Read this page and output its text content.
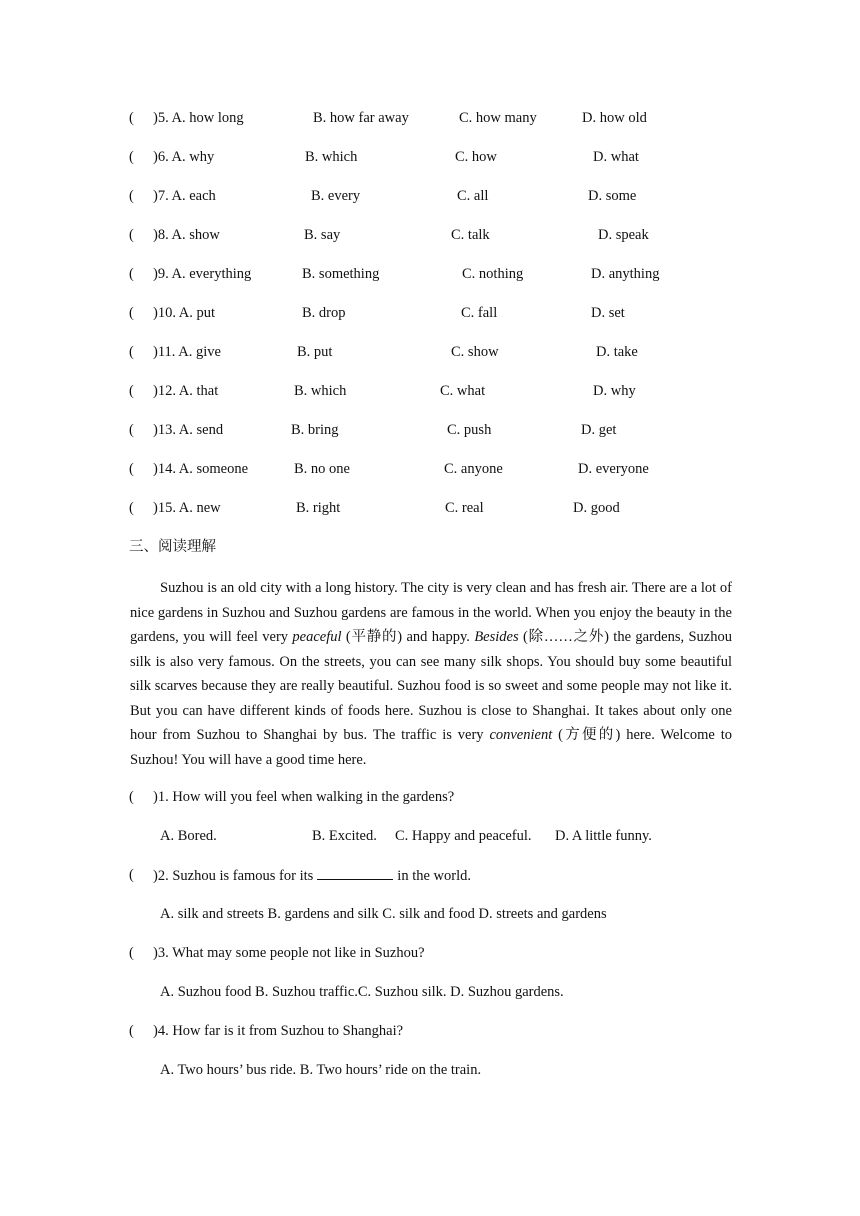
( )5. A. how long	B. how far away	C. how many	D. how old
( )6. A. why	B. which	C. how	D. what
( )7. A. each	B. every	C. all	D. some
( )8. A. show	B. say	C. talk	D. speak
( )9. A. everything	B. something	C. nothing	D. anything
( )10. A. put	B. drop	C. fall	D. set
( )11. A. give	B. put	C. show	D. take
( )12. A. that	B. which	C. what	D. why
( )13. A. send	B. bring	C. push	D. get
( )14. A. someone	B. no one	C. anyone	D. everyone
( )15. A. new	B. right	C. real	D. good
三、阅读理解

Suzhou is an old city with a long history. The city is very clean and has fresh air. There are a lot of nice gardens in Suzhou and Suzhou gardens are famous in the world. When you enjoy the beauty in the gardens, you will feel very peaceful (平静的) and happy. Besides (除……之外) the gardens, Suzhou silk is also very famous. On the streets, you can see many silk shops. You should buy some beautiful silk scarves because they are really beautiful. Suzhou food is so sweet and some people may not like it. But you can have different kinds of foods here. Suzhou is close to Shanghai. It takes about only one hour from Suzhou to Shanghai by bus. The traffic is very convenient (方便的) here. Welcome to Suzhou! You will have a good time here.

( )1. How will you feel when walking in the gardens?
A. Bored.	B. Excited. C. Happy and peaceful. D. A little funny.
( )2. Suzhou is famous for its	in the world.
A. silk and streets B. gardens and silk C. silk and food D. streets and gardens
( )3. What may some people not like in Suzhou?
A. Suzhou food B. Suzhou traffic.C. Suzhou silk. D. Suzhou gardens.
( )4. How far is it from Suzhou to Shanghai?
A. Two hours’ bus ride. B. Two hours’ ride on the train.
